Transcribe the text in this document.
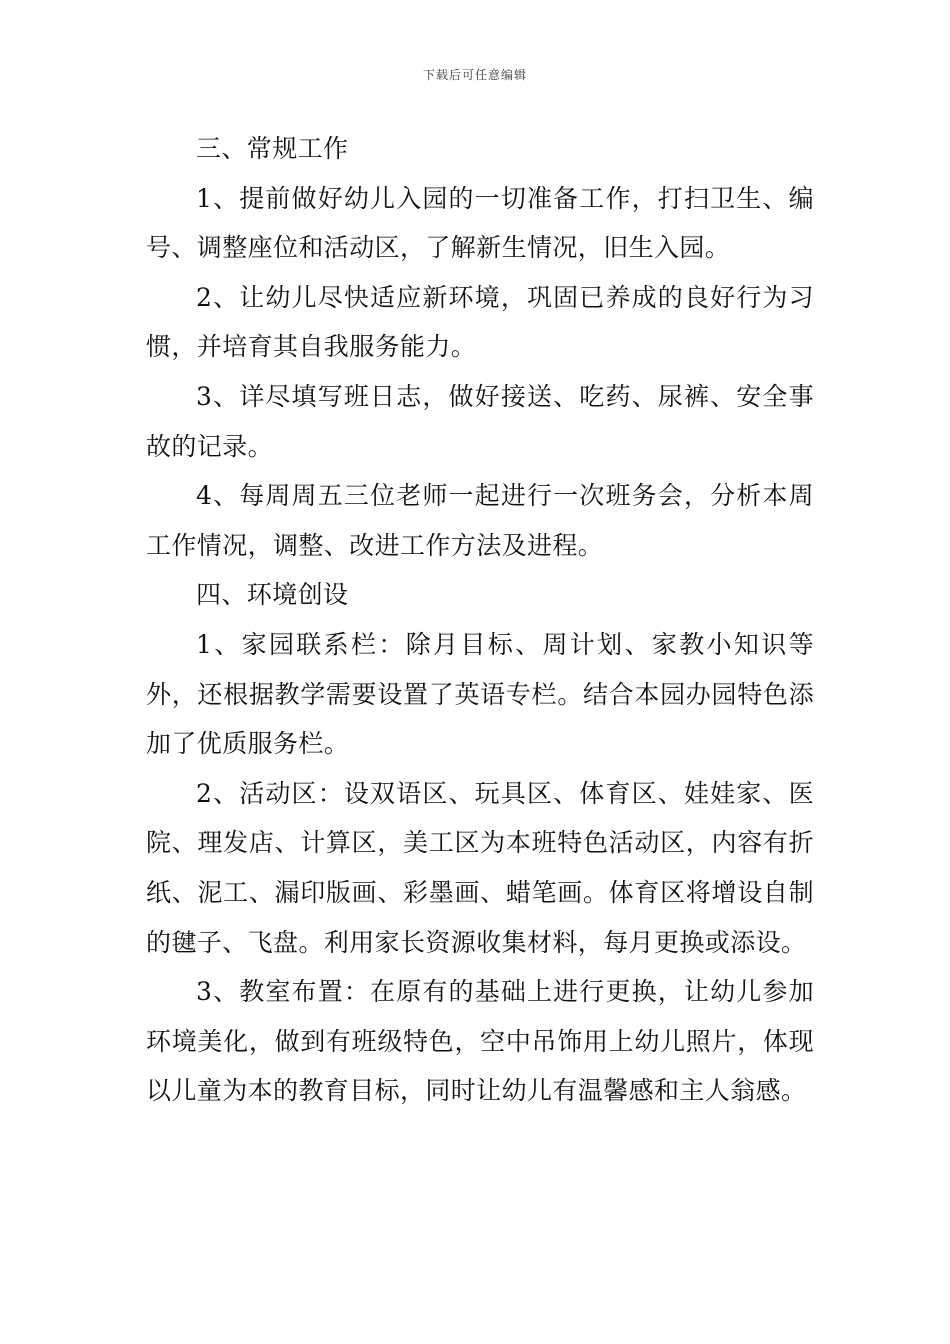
下载后可任意编辑

三、常规工作

1、提前做好幼儿入园的一切准备工作，打扫卫生、编号、调整座位和活动区，了解新生情况，旧生入园。

2、让幼儿尽快适应新环境，巩固已养成的良好行为习惯，并培育其自我服务能力。

3、详尽填写班日志，做好接送、吃药、尿裤、安全事故的记录。

4、每周周五三位老师一起进行一次班务会，分析本周工作情况，调整、改进工作方法及进程。

四、环境创设

1、家园联系栏：除月目标、周计划、家教小知识等外，还根据教学需要设置了英语专栏。结合本园办园特色添加了优质服务栏。

2、活动区：设双语区、玩具区、体育区、娃娃家、医院、理发店、计算区，美工区为本班特色活动区，内容有折纸、泥工、漏印版画、彩墨画、蜡笔画。体育区将增设自制的毽子、飞盘。利用家长资源收集材料，每月更换或添设。

3、教室布置：在原有的基础上进行更换，让幼儿参加环境美化，做到有班级特色，空中吊饰用上幼儿照片，体现以儿童为本的教育目标，同时让幼儿有温馨感和主人翁感。
